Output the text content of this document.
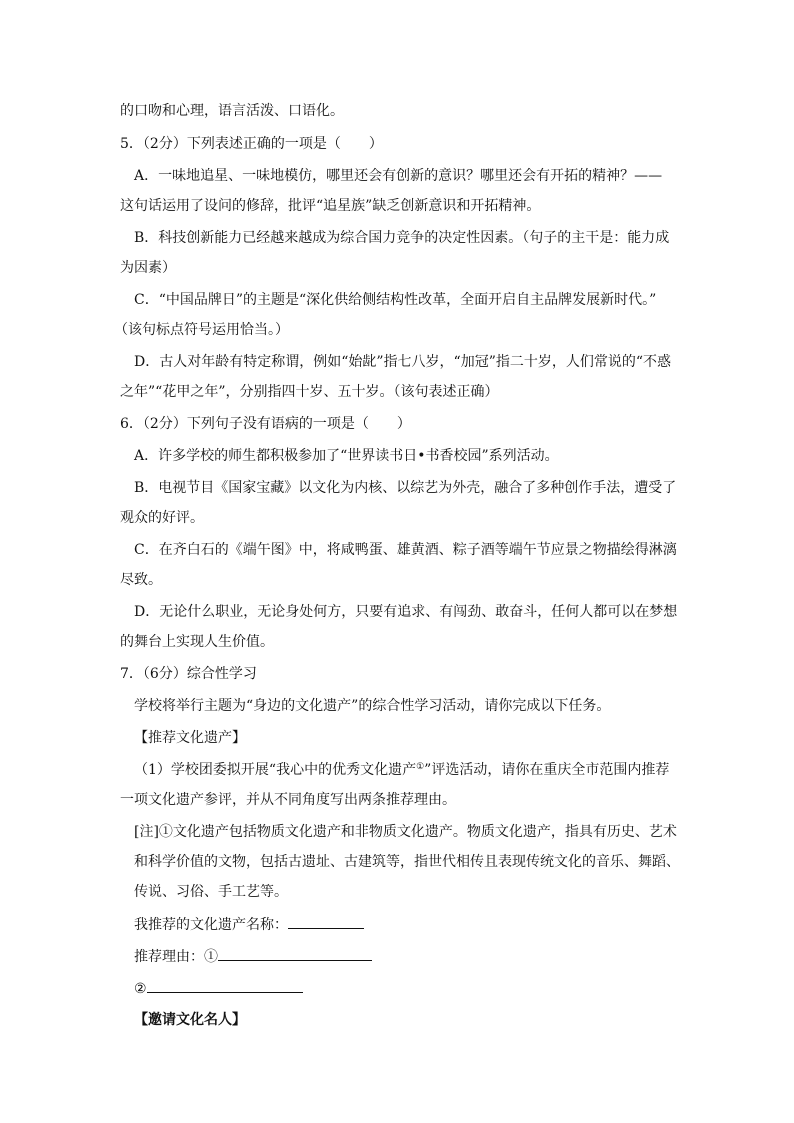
的口吻和心理，语言活泼、口语化。
5．（2分）下列表述正确的一项是（　　）
A．一味地追星、一味地模仿，哪里还会有创新的意识？哪里还会有开拓的精神？——
这句话运用了设问的修辞，批评“追星族”缺乏创新意识和开拓精神。
B．科技创新能力已经越来越成为综合国力竞争的决定性因素。（句子的主干是：能力成
为因素）
C．“中国品牌日”的主题是“深化供给侧结构性改革，全面开启自主品牌发展新时代。”
（该句标点符号运用恰当。）
D．古人对年龄有特定称谓，例如“始龀”指七八岁，“加冠”指二十岁，人们常说的“不惑
之年”“花甲之年”，分别指四十岁、五十岁。（该句表述正确）
6．（2分）下列句子没有语病的一项是（　　）
A．许多学校的师生都积极参加了“世界读书日•书香校园”系列活动。
B．电视节目《国家宝藏》以文化为内核、以综艺为外壳，融合了多种创作手法，遭受了
观众的好评。
C．在齐白石的《端午图》中，将咸鸭蛋、雄黄酒、粽子酒等端午节应景之物描绘得淋漓
尽致。
D．无论什么职业，无论身处何方，只要有追求、有闯劲、敢奋斗，任何人都可以在梦想
的舞台上实现人生价值。
7．（6分）综合性学习
学校将举行主题为“身边的文化遗产”的综合性学习活动，请你完成以下任务。
【推荐文化遗产】
（1）学校团委拟开展“我心中的优秀文化遗产①”评选活动，请你在重庆全市范围内推荐
一项文化遗产参评，并从不同角度写出两条推荐理由。
[注]①文化遗产包括物质文化遗产和非物质文化遗产。物质文化遗产，指具有历史、艺术
和科学价值的文物，包括古遗址、古建筑等，指世代相传且表现传统文化的音乐、舞蹈、
传说、习俗、手工艺等。
我推荐的文化遗产名称：
推荐理由：①
②
【邀请文化名人】
